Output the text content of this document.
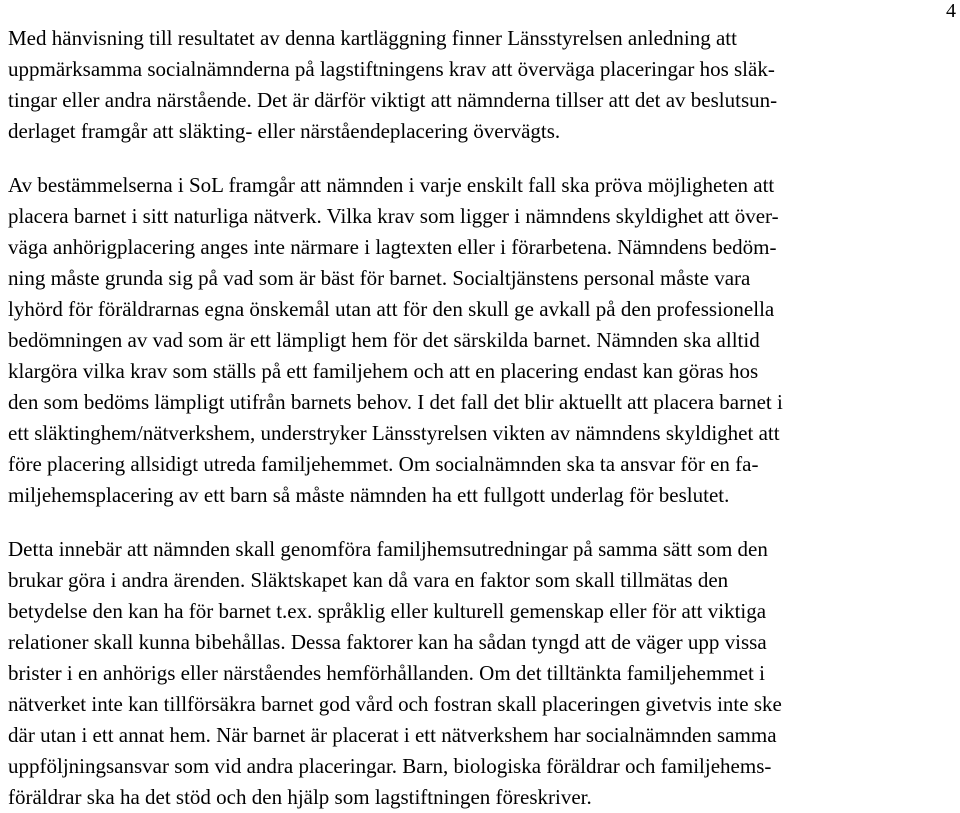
4

Med hänvisning till resultatet av denna kartläggning finner Länsstyrelsen anledning att
uppmärksamma socialnämnderna på lagstiftningens krav att överväga placeringar hos släk-
tingar eller andra närstående. Det är därför viktigt att nämnderna tillser att det av beslutsun-
derlaget framgår att släkting- eller närståendeplacering övervägts.

Av bestämmelserna i SoL framgår att nämnden i varje enskilt fall ska pröva möjligheten att
placera barnet i sitt naturliga nätverk. Vilka krav som ligger i nämndens skyldighet att över-
väga anhörigplacering anges inte närmare i lagtexten eller i förarbetena. Nämndens bedöm-
ning måste grunda sig på vad som är bäst för barnet. Socialtjänstens personal måste vara
lyhörd för föräldrarnas egna önskemål utan att för den skull ge avkall på den professionella
bedömningen av vad som är ett lämpligt hem för det särskilda barnet. Nämnden ska alltid
klargöra vilka krav som ställs på ett familjehem och att en placering endast kan göras hos
den som bedöms lämpligt utifrån barnets behov. I det fall det blir aktuellt att placera barnet i
ett släktinghem/nätverkshem, understryker Länsstyrelsen vikten av nämndens skyldighet att
före placering allsidigt utreda familjehemmet. Om socialnämnden ska ta ansvar för en fa-
miljehemsplacering av ett barn så måste nämnden ha ett fullgott underlag för beslutet.

Detta innebär att nämnden skall genomföra familjhemsutredningar på samma sätt som den
brukar göra i andra ärenden. Släktskapet kan då vara en faktor som skall tillmätas den
betydelse den kan ha för barnet t.ex. språklig eller kulturell gemenskap eller för att viktiga
relationer skall kunna bibehållas. Dessa faktorer kan ha sådan tyngd att de väger upp vissa
brister i en anhörigs eller närståendes hemförhållanden. Om det tilltänkta familjehemmet i
nätverket inte kan tillförsäkra barnet god vård och fostran skall placeringen givetvis inte ske
där utan i ett annat hem. När barnet är placerat i ett nätverkshem har socialnämnden samma
uppföljningsansvar som vid andra placeringar. Barn, biologiska föräldrar och familjehems-
föräldrar ska ha det stöd och den hjälp som lagstiftningen föreskriver.
